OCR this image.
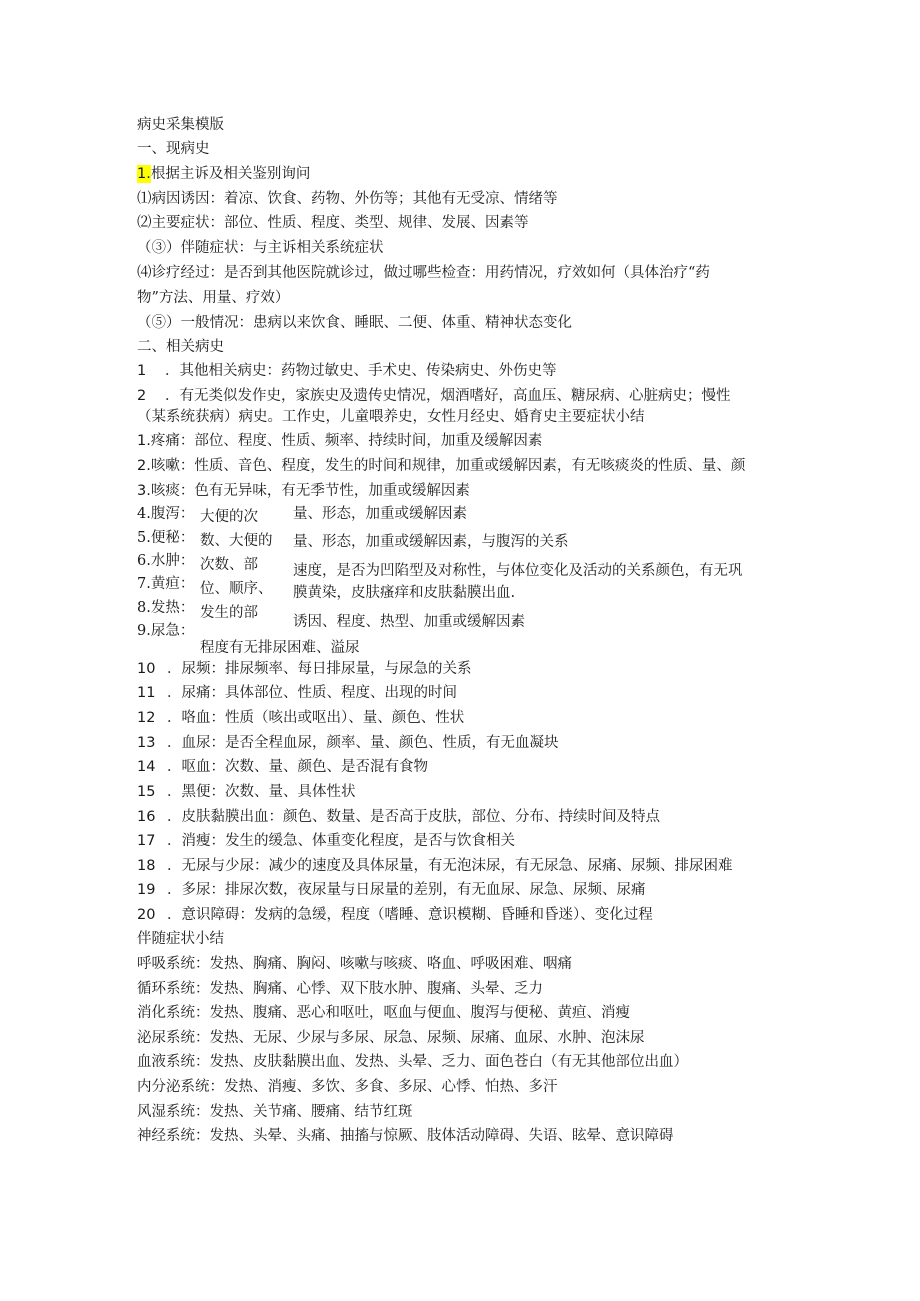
病史采集模版
一、现病史
1.根据主诉及相关鉴别询问
⑴病因诱因：着凉、饮食、药物、外伤等；其他有无受凉、情绪等
⑵主要症状：部位、性质、程度、类型、规律、发展、因素等
（③）伴随症状：与主诉相关系统症状
⑷诊疗经过：是否到其他医院就诊过，做过哪些检查：用药情况，疗效如何（具体治疗“药
物”方法、用量、疗效）
（⑤）一般情况：患病以来饮食、睡眠、二便、体重、精神状态变化
二、相关病史
1 ．其他相关病史：药物过敏史、手术史、传染病史、外伤史等
2 ．有无类似发作史，家族史及遗传史情况，烟酒嗜好，高血压、糖尿病、心脏病史；慢性
（某系统获病）病史。工作史，儿童喂养史，女性月经史、婚育史主要症状小结
1.疼痛：部位、程度、性质、频率、持续时间，加重及缓解因素
2.咳嗽：性质、音色、程度，发生的时间和规律，加重或缓解因素，有无咳痰炎的性质、量、颜
3.咳痰：色有无异味，有无季节性，加重或缓解因素
4.腹泻：
5.便秘：
6.水肿：
7.黄疸：
8.发热：
9.尿急：
大便的次
数、大便的
次数、部
位、顺序、
发生的部
量、形态，加重或缓解因素
量、形态，加重或缓解因素，与腹泻的关系
速度，是否为凹陷型及对称性，与体位变化及活动的关系颜色，有无巩
膜黄染，皮肤瘙痒和皮肤黏膜出血.
诱因、程度、热型、加重或缓解因素
程度有无排尿困难、溢尿
10 ．尿频：排尿频率、每日排尿量，与尿急的关系
11 ．尿痛：具体部位、性质、程度、出现的时间
12 ．咯血：性质（咳出或呕出）、量、颜色、性状
13 ．血尿：是否全程血尿，颜率、量、颜色、性质，有无血凝块
14 ．呕血：次数、量、颜色、是否混有食物
15 ．黑便：次数、量、具体性状
16 ．皮肤黏膜出血：颜色、数量、是否高于皮肤，部位、分布、持续时间及特点
17 ．消瘦：发生的缓急、体重变化程度，是否与饮食相关
18 ．无尿与少尿：减少的速度及具体尿量，有无泡沫尿，有无尿急、尿痛、尿频、排尿困难
19 ．多尿：排尿次数，夜尿量与日尿量的差别，有无血尿、尿急、尿频、尿痛
20 ．意识障碍：发病的急缓，程度（嗜睡、意识模糊、昏睡和昏迷）、变化过程
伴随症状小结
呼吸系统：发热、胸痛、胸闷、咳嗽与咳痰、咯血、呼吸困难、咽痛
循环系统：发热、胸痛、心悸、双下肢水肿、腹痛、头晕、乏力
消化系统：发热、腹痛、恶心和呕吐，呕血与便血、腹泻与便秘、黄疸、消瘦
泌尿系统：发热、无尿、少尿与多尿、尿急、尿频、尿痛、血尿、水肿、泡沫尿
血液系统：发热、皮肤黏膜出血、发热、头晕、乏力、面色苍白（有无其他部位出血）
内分泌系统：发热、消瘦、多饮、多食、多尿、心悸、怕热、多汗
风湿系统：发热、关节痛、腰痛、结节红斑
神经系统：发热、头晕、头痛、抽搐与惊厥、肢体活动障碍、失语、眩晕、意识障碍
